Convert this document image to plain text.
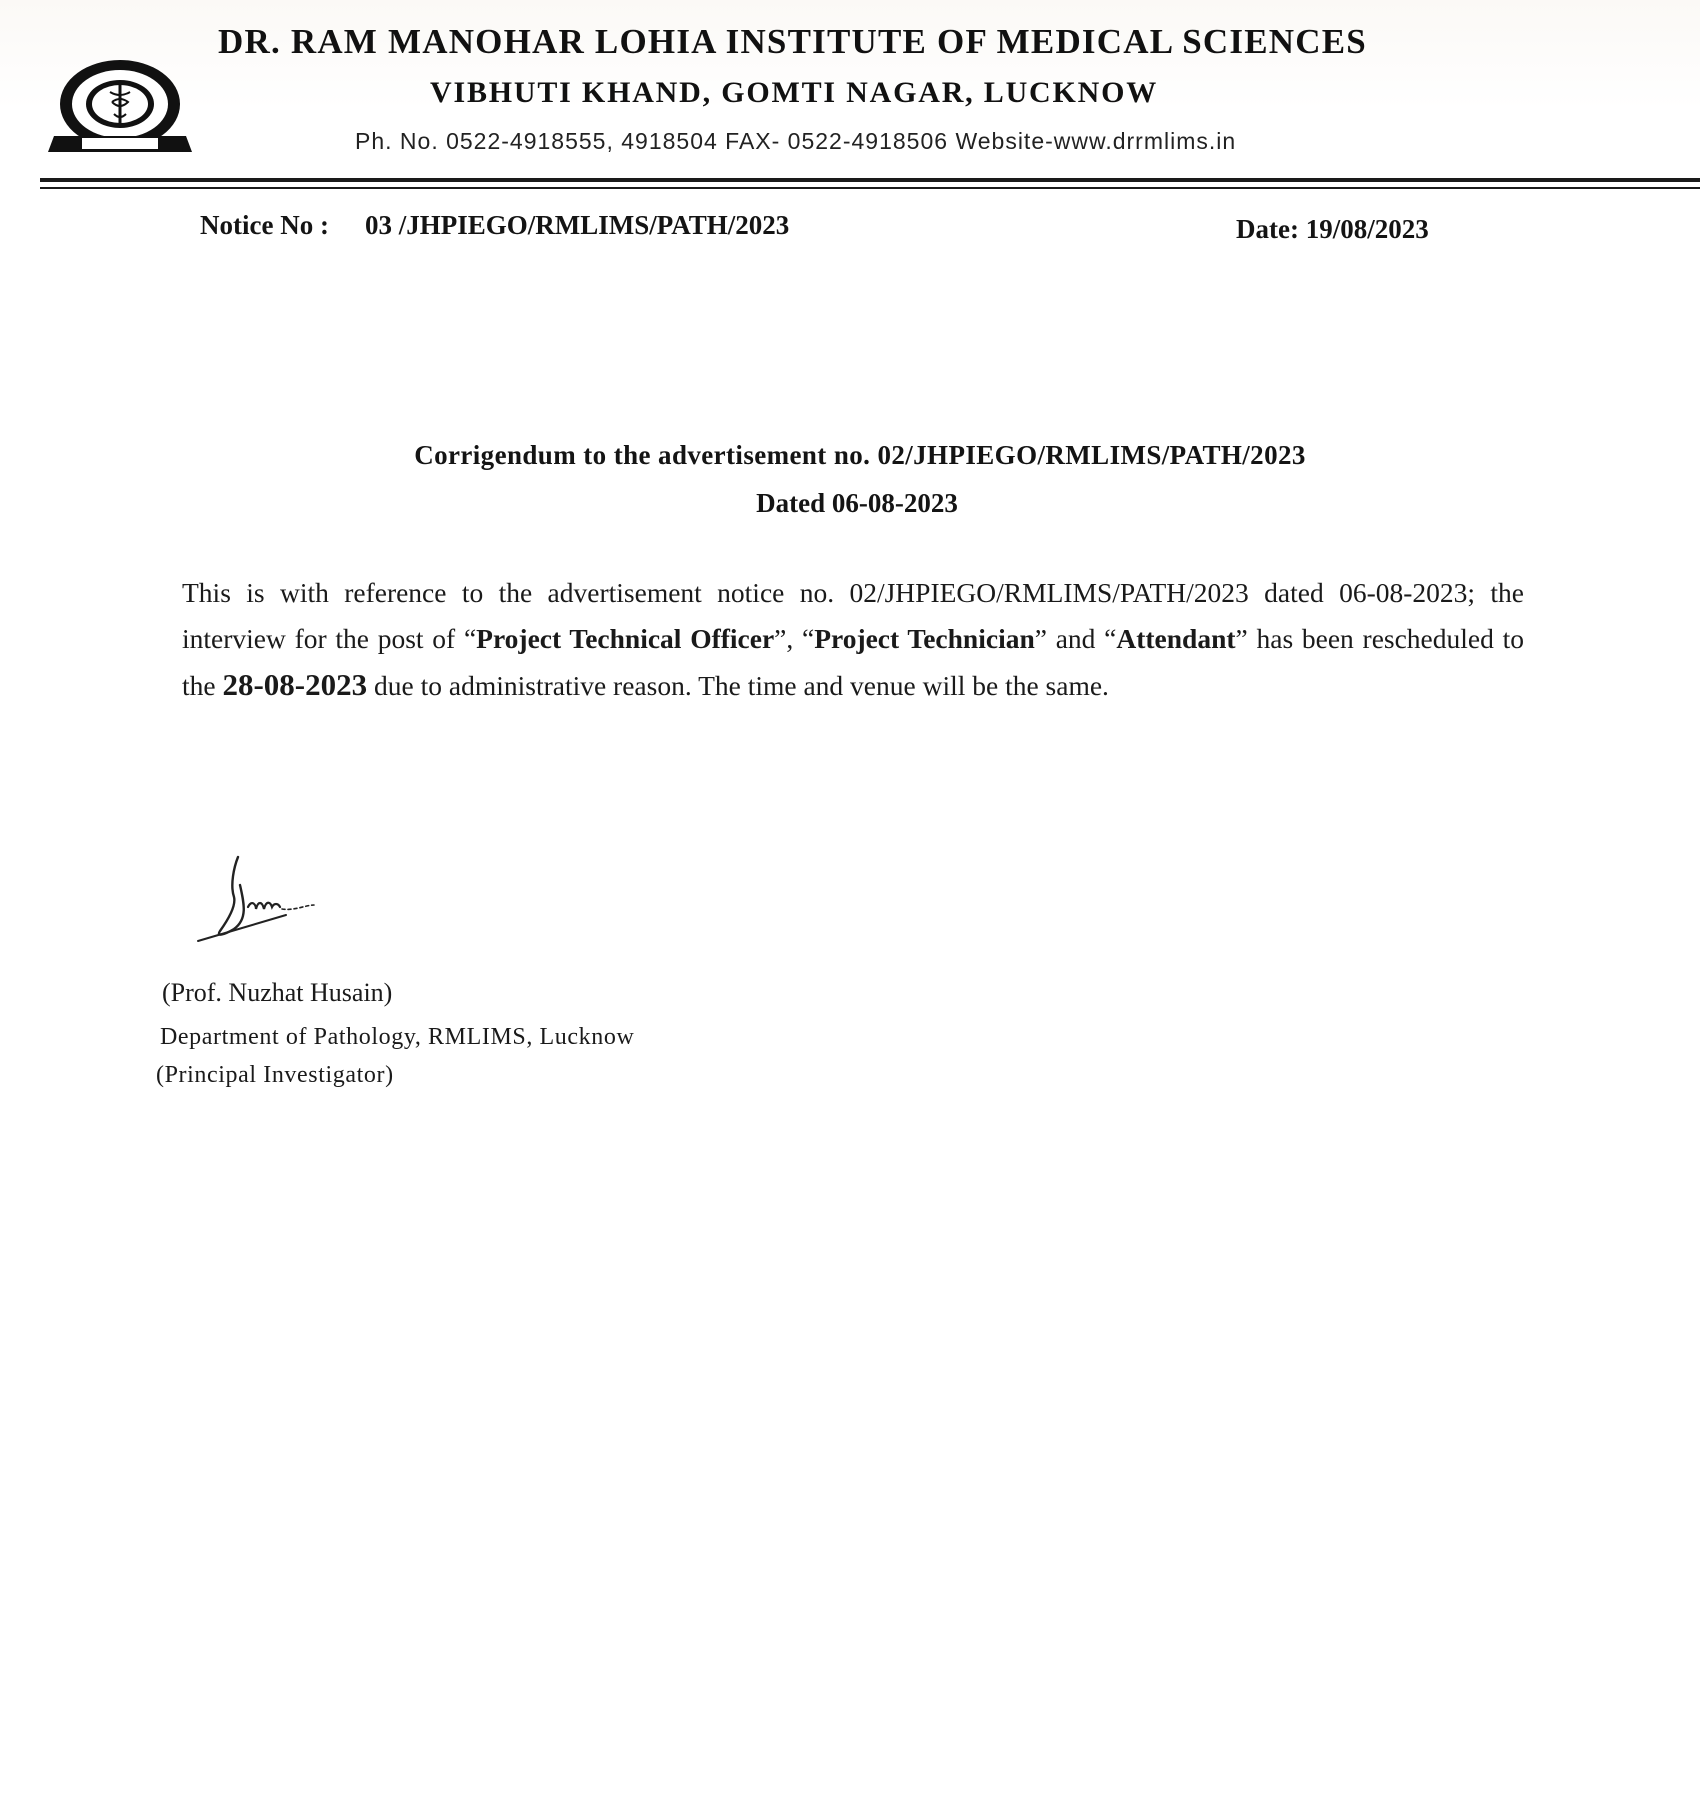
DR. RAM MANOHAR LOHIA INSTITUTE OF MEDICAL SCIENCES
VIBHUTI KHAND, GOMTI NAGAR, LUCKNOW
Ph. No. 0522-4918555, 4918504 FAX- 0522-4918506 Website-www.drrmlims.in
Notice No : 03 /JHPIEGO/RMLIMS/PATH/2023	Date: 19/08/2023
Corrigendum to the advertisement no. 02/JHPIEGO/RMLIMS/PATH/2023
Dated 06-08-2023
This is with reference to the advertisement notice no. 02/JHPIEGO/RMLIMS/PATH/2023 dated 06-08-2023; the interview for the post of “Project Technical Officer”, “Project Technician” and “Attendant” has been rescheduled to the 28-08-2023 due to administrative reason. The time and venue will be the same.
(Prof. Nuzhat Husain)
Department of Pathology, RMLIMS, Lucknow
(Principal Investigator)
